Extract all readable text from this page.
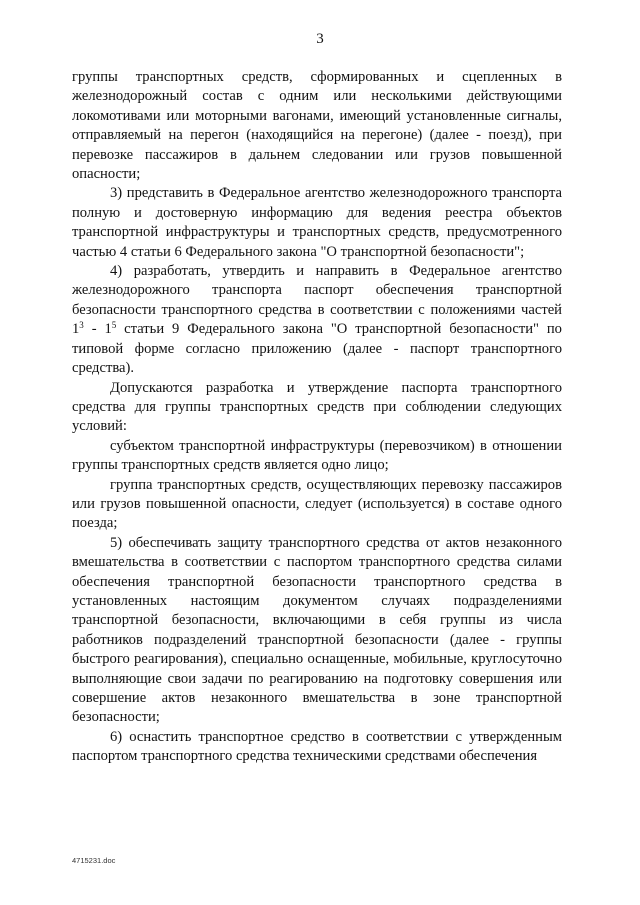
3

группы транспортных средств, сформированных и сцепленных в железнодорожный состав с одним или несколькими действующими локомотивами или моторными вагонами, имеющий установленные сигналы, отправляемый на перегон (находящийся на перегоне) (далее - поезд), при перевозке пассажиров в дальнем следовании или грузов повышенной опасности;

3) представить в Федеральное агентство железнодорожного транспорта полную и достоверную информацию для ведения реестра объектов транспортной инфраструктуры и транспортных средств, предусмотренного частью 4 статьи 6 Федерального закона "О транспортной безопасности";

4) разработать, утвердить и направить в Федеральное агентство железнодорожного транспорта паспорт обеспечения транспортной безопасности транспортного средства в соответствии с положениями частей $1^3 - 1^5$ статьи 9 Федерального закона "О транспортной безопасности" по типовой форме согласно приложению (далее - паспорт транспортного средства).

Допускаются разработка и утверждение паспорта транспортного средства для группы транспортных средств при соблюдении следующих условий:

субъектом транспортной инфраструктуры (перевозчиком) в отношении группы транспортных средств является одно лицо;

группа транспортных средств, осуществляющих перевозку пассажиров или грузов повышенной опасности, следует (используется) в составе одного поезда;

5) обеспечивать защиту транспортного средства от актов незаконного вмешательства в соответствии с паспортом транспортного средства силами обеспечения транспортной безопасности транспортного средства в установленных настоящим документом случаях подразделениями транспортной безопасности, включающими в себя группы из числа работников подразделений транспортной безопасности (далее - группы быстрого реагирования), специально оснащенные, мобильные, круглосуточно выполняющие свои задачи по реагированию на подготовку совершения или совершение актов незаконного вмешательства в зоне транспортной безопасности;

6) оснастить транспортное средство в соответствии с утвержденным паспортом транспортного средства техническими средствами обеспечения

4715231.doc
